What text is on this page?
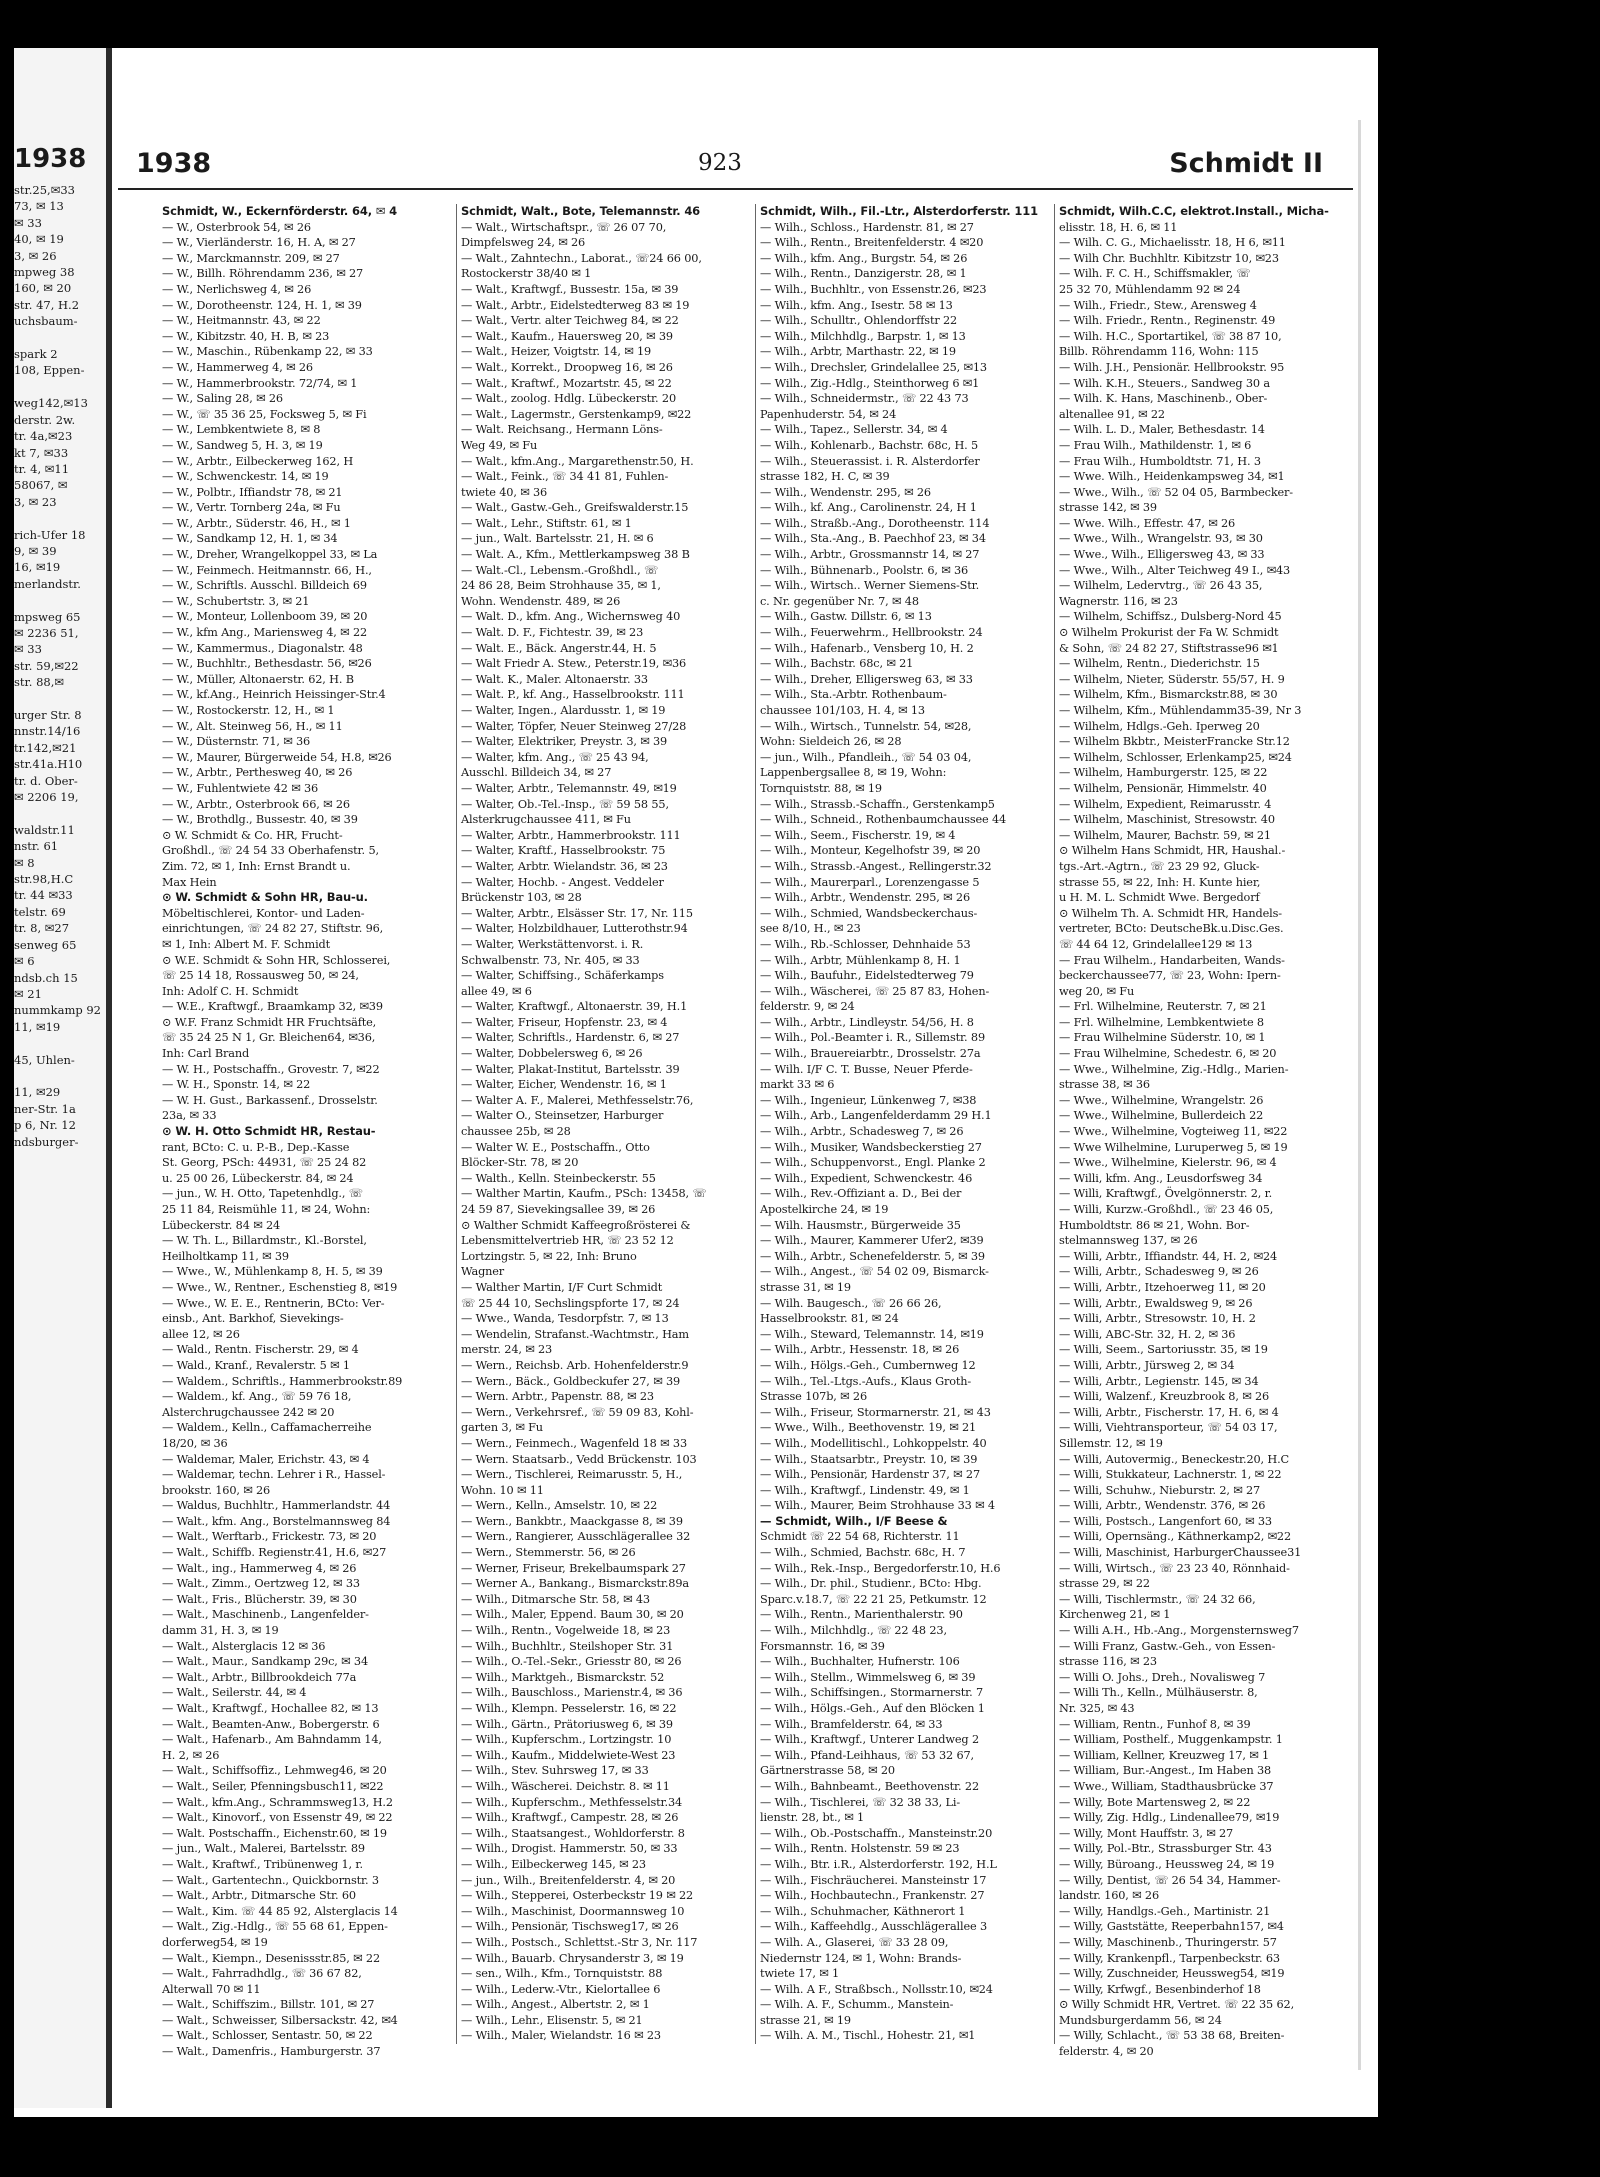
1938
str.25,✉33
73, ✉ 13
✉ 33
40, ✉ 19
3, ✉ 26
mpweg 38
160, ✉ 20
str. 47, H.2
uchsbaum-

spark 2
108, Eppen-

weg142,✉13
derstr. 2w.
tr. 4a,✉23
kt 7, ✉33
tr. 4, ✉11
58067, ✉
3, ✉ 23

rich-Ufer 18
9, ✉ 39
16, ✉19
merlandstr.

mpsweg 65
✉ 2236 51,
✉ 33
str. 59,✉22
str. 88,✉

urger Str. 8
nnstr.14/16
tr.142,✉21
str.41a.H10
tr. d. Ober-
✉ 2206 19,

waldstr.11
nstr. 61
✉ 8
str.98,H.C
tr. 44 ✉33
telstr. 69
tr. 8, ✉27
senweg 65
✉ 6
ndsb.ch 15
✉ 21
nummkamp 92
11, ✉19

45, Uhlen-

11, ✉29
ner-Str. 1a
p 6, Nr. 12
ndsburger-
1938	923	Schmidt II
Schmidt, W., Eckernförderstr. 64, ✉ 4
— W., Osterbrook 54, ✉ 26
— W., Vierländerstr. 16, H. A, ✉ 27
— W., Marckmannstr. 209, ✉ 27
— W., Billh. Röhrendamm 236, ✉ 27
— W., Nerlichsweg 4, ✉ 26
— W., Dorotheenstr. 124, H. 1, ✉ 39
— W., Heitmannstr. 43, ✉ 22
— W., Kibitzstr. 40, H. B, ✉ 23
— W., Maschin., Rübenkamp 22, ✉ 33
— W., Hammerweg 4, ✉ 26
— W., Hammerbrookstr. 72/74, ✉ 1
— W., Saling 28, ✉ 26
— W., ☏ 35 36 25, Focksweg 5, ✉ Fi
— W., Lembkentwiete 8, ✉ 8
— W., Sandweg 5, H. 3, ✉ 19
— W., Arbtr., Eilbeckerweg 162, H
— W., Schwenckestr. 14, ✉ 19
— W., Polbtr., Iffiandstr 78, ✉ 21
— W., Vertr. Tornberg 24a, ✉ Fu
— W., Arbtr., Süderstr. 46, H., ✉ 1
— W., Sandkamp 12, H. 1, ✉ 34
— W., Dreher, Wrangelkoppel 33, ✉ La
— W., Feinmech. Heitmannstr. 66, H.,
— W., Schriftls. Ausschl. Billdeich 69
— W., Schubertstr. 3, ✉ 21
— W., Monteur, Lollenboom 39, ✉ 20
— W., kfm Ang., Mariensweg 4, ✉ 22
— W., Kammermus., Diagonalstr. 48
— W., Buchhltr., Bethesdastr. 56, ✉26
— W., Müller, Altonaerstr. 62, H. B
— W., kf.Ang., Heinrich Heissinger-Str.4
— W., Rostockerstr. 12, H., ✉ 1
— W., Alt. Steinweg 56, H., ✉ 11
— W., Düsternstr. 71, ✉ 36
— W., Maurer, Bürgerweide 54, H.8, ✉26
— W., Arbtr., Perthesweg 40, ✉ 26
— W., Fuhlentwiete 42 ✉ 36
— W., Arbtr., Osterbrook 66, ✉ 26
— W., Brothdlg., Bussestr. 40, ✉ 39
⊙ W. Schmidt & Co. HR, Frucht-
Großhdl., ☏ 24 54 33 Oberhafenstr. 5,
Zim. 72, ✉ 1, Inh: Ernst Brandt u.
Max Hein
⊙ W. Schmidt & Sohn HR, Bau-u.
Möbeltischlerei, Kontor- und Laden-
einrichtungen, ☏ 24 82 27, Stiftstr. 96,
✉ 1, Inh: Albert M. F. Schmidt
⊙ W.E. Schmidt & Sohn HR, Schlosserei,
☏ 25 14 18, Rossausweg 50, ✉ 24,
Inh: Adolf C. H. Schmidt
— W.E., Kraftwgf., Braamkamp 32, ✉39
⊙ W.F. Franz Schmidt HR Fruchtsäfte,
☏ 35 24 25 N 1, Gr. Bleichen64, ✉36,
Inh: Carl Brand
— W. H., Postschaffn., Grovestr. 7, ✉22
— W. H., Sponstr. 14, ✉ 22
— W. H. Gust., Barkassenf., Drosselstr.
23a, ✉ 33
⊙ W. H. Otto Schmidt HR, Restau-
rant, BCto: C. u. P.-B., Dep.-Kasse
St. Georg, PSch: 44931, ☏ 25 24 82
u. 25 00 26, Lübeckerstr. 84, ✉ 24
— jun., W. H. Otto, Tapetenhdlg., ☏
25 11 84, Reismühle 11, ✉ 24, Wohn:
Lübeckerstr. 84 ✉ 24
— W. Th. L., Billardmstr., Kl.-Borstel,
Heilholtkamp 11, ✉ 39
— Wwe., W., Mühlenkamp 8, H. 5, ✉ 39
— Wwe., W., Rentner., Eschenstieg 8, ✉19
— Wwe., W. E. E., Rentnerin, BCto: Ver-
einsb., Ant. Barkhof, Sievekings-
allee 12, ✉ 26
— Wald., Rentn. Fischerstr. 29, ✉ 4
— Wald., Kranf., Revalerstr. 5 ✉ 1
— Waldem., Schriftls., Hammerbrookstr.89
— Waldem., kf. Ang., ☏ 59 76 18,
Alsterchrugchaussee 242 ✉ 20
— Waldem., Kelln., Caffamacherreihe
18/20, ✉ 36
— Waldemar, Maler, Erichstr. 43, ✉ 4
— Waldemar, techn. Lehrer i R., Hassel-
brookstr. 160, ✉ 26
— Waldus, Buchhltr., Hammerlandstr. 44
— Walt., kfm. Ang., Borstelmannsweg 84
— Walt., Werftarb., Frickestr. 73, ✉ 20
— Walt., Schiffb. Regienstr.41, H.6, ✉27
— Walt., ing., Hammerweg 4, ✉ 26
— Walt., Zimm., Oertzweg 12, ✉ 33
— Walt., Fris., Blücherstr. 39, ✉ 30
— Walt., Maschinenb., Langenfelder-
damm 31, H. 3, ✉ 19
— Walt., Alsterglacis 12 ✉ 36
— Walt., Maur., Sandkamp 29c, ✉ 34
— Walt., Arbtr., Billbrookdeich 77a
— Walt., Seilerstr. 44, ✉ 4
— Walt., Kraftwgf., Hochallee 82, ✉ 13
— Walt., Beamten-Anw., Bobergerstr. 6
— Walt., Hafenarb., Am Bahndamm 14,
H. 2, ✉ 26
— Walt., Schiffsoffiz., Lehmweg46, ✉ 20
— Walt., Seiler, Pfenningsbusch11, ✉22
— Walt., kfm.Ang., Schrammsweg13, H.2
— Walt., Kinovorf., von Essenstr 49, ✉ 22
— Walt. Postschaffn., Eichenstr.60, ✉ 19
— jun., Walt., Malerei, Bartelsstr. 89
— Walt., Kraftwf., Tribünenweg 1, r.
— Walt., Gartentechn., Quickbornstr. 3
— Walt., Arbtr., Ditmarsche Str. 60
— Walt., Kim. ☏ 44 85 92, Alsterglacis 14
— Walt., Zig.-Hdlg., ☏ 55 68 61, Eppen-
dorferweg54, ✉ 19
— Walt., Kiempn., Desenissstr.85, ✉ 22
— Walt., Fahrradhdlg., ☏ 36 67 82,
Alterwall 70 ✉ 11
— Walt., Schiffszim., Billstr. 101, ✉ 27
— Walt., Schweisser, Silbersackstr. 42, ✉4
— Walt., Schlosser, Sentastr. 50, ✉ 22
— Walt., Damenfris., Hamburgerstr. 37
Schmidt, Walt., Bote, Telemannstr. 46
— Walt., Wirtschaftspr., ☏ 26 07 70,
Dimpfelsweg 24, ✉ 26
— Walt., Zahntechn., Laborat., ☏24 66 00,
Rostockerstr 38/40 ✉ 1
— Walt., Kraftwgf., Bussestr. 15a, ✉ 39
— Walt., Arbtr., Eidelstedterweg 83 ✉ 19
— Walt., Vertr. alter Teichweg 84, ✉ 22
— Walt., Kaufm., Hauersweg 20, ✉ 39
— Walt., Heizer, Voigtstr. 14, ✉ 19
— Walt., Korrekt., Droopweg 16, ✉ 26
— Walt., Kraftwf., Mozartstr. 45, ✉ 22
— Walt., zoolog. Hdlg. Lübeckerstr. 20
— Walt., Lagermstr., Gerstenkamp9, ✉22
— Walt. Reichsang., Hermann Löns-
Weg 49, ✉ Fu
— Walt., kfm.Ang., Margarethenstr.50, H.
— Walt., Feink., ☏ 34 41 81, Fuhlen-
twiete 40, ✉ 36
— Walt., Gastw.-Geh., Greifswalderstr.15
— Walt., Lehr., Stiftstr. 61, ✉ 1
— jun., Walt. Bartelsstr. 21, H. ✉ 6
— Walt. A., Kfm., Mettlerkampsweg 38 B
— Walt.-Cl., Lebensm.-Großhdl., ☏
24 86 28, Beim Strohhause 35, ✉ 1,
Wohn. Wendenstr. 489, ✉ 26
— Walt. D., kfm. Ang., Wichernsweg 40
— Walt. D. F., Fichtestr. 39, ✉ 23
— Walt. E., Bäck. Angerstr.44, H. 5
— Walt Friedr A. Stew., Peterstr.19, ✉36
— Walt. K., Maler. Altonaerstr. 33
— Walt. P., kf. Ang., Hasselbrookstr. 111
— Walter, Ingen., Alardusstr. 1, ✉ 19
— Walter, Töpfer, Neuer Steinweg 27/28
— Walter, Elektriker, Preystr. 3, ✉ 39
— Walter, kfm. Ang., ☏ 25 43 94,
Ausschl. Billdeich 34, ✉ 27
— Walter, Arbtr., Telemannstr. 49, ✉19
— Walter, Ob.-Tel.-Insp., ☏ 59 58 55,
Alsterkrugchaussee 411, ✉ Fu
— Walter, Arbtr., Hammerbrookstr. 111
— Walter, Kraftf., Hasselbrookstr. 75
— Walter, Arbtr. Wielandstr. 36, ✉ 23
— Walter, Hochb. - Angest. Veddeler
Brückenstr 103, ✉ 28
— Walter, Arbtr., Elsässer Str. 17, Nr. 115
— Walter, Holzbildhauer, Lutterothstr.94
— Walter, Werkstättenvorst. i. R.
Schwalbenstr. 73, Nr. 405, ✉ 33
— Walter, Schiffsing., Schäferkamps
allee 49, ✉ 6
— Walter, Kraftwgf., Altonaerstr. 39, H.1
— Walter, Friseur, Hopfenstr. 23, ✉ 4
— Walter, Schriftls., Hardenstr. 6, ✉ 27
— Walter, Dobbelersweg 6, ✉ 26
— Walter, Plakat-Institut, Bartelsstr. 39
— Walter, Eicher, Wendenstr. 16, ✉ 1
— Walter A. F., Malerei, Methfesselstr.76,
— Walter O., Steinsetzer, Harburger
chaussee 25b, ✉ 28
— Walter W. E., Postschaffn., Otto
Blöcker-Str. 78, ✉ 20
— Walth., Kelln. Steinbeckerstr. 55
— Walther Martin, Kaufm., PSch: 13458, ☏
24 59 87, Sievekingsallee 39, ✉ 26
⊙ Walther Schmidt Kaffeegroßrösterei &
Lebensmittelvertrieb HR, ☏ 23 52 12
Lortzingstr. 5, ✉ 22, Inh: Bruno
Wagner
— Walther Martin, I/F Curt Schmidt
☏ 25 44 10, Sechslingspforte 17, ✉ 24
— Wwe., Wanda, Tesdorpfstr. 7, ✉ 13
— Wendelin, Strafanst.-Wachtmstr., Ham
merstr. 24, ✉ 23
— Wern., Reichsb. Arb. Hohenfelderstr.9
— Wern., Bäck., Goldbeckufer 27, ✉ 39
— Wern. Arbtr., Papenstr. 88, ✉ 23
— Wern., Verkehrsref., ☏ 59 09 83, Kohl-
garten 3, ✉ Fu
— Wern., Feinmech., Wagenfeld 18 ✉ 33
— Wern. Staatsarb., Vedd Brückenstr. 103
— Wern., Tischlerei, Reimarusstr. 5, H.,
Wohn. 10 ✉ 11
— Wern., Kelln., Amselstr. 10, ✉ 22
— Wern., Bankbtr., Maackgasse 8, ✉ 39
— Wern., Rangierer, Ausschlägerallee 32
— Wern., Stemmerstr. 56, ✉ 26
— Werner, Friseur, Brekelbaumspark 27
— Werner A., Bankang., Bismarckstr.89a
— Wilh., Ditmarsche Str. 58, ✉ 43
— Wilh., Maler, Eppend. Baum 30, ✉ 20
— Wilh., Rentn., Vogelweide 18, ✉ 23
— Wilh., Buchhltr., Steilshoper Str. 31
— Wilh., O.-Tel.-Sekr., Griesstr 80, ✉ 26
— Wilh., Marktgeh., Bismarckstr. 52
— Wilh., Bauschloss., Marienstr.4, ✉ 36
— Wilh., Klempn. Pesselerstr. 16, ✉ 22
— Wilh., Gärtn., Prätoriusweg 6, ✉ 39
— Wilh., Kupferschm., Lortzingstr. 10
— Wilh., Kaufm., Middelwiete-West 23
— Wilh., Stev. Suhrsweg 17, ✉ 33
— Wilh., Wäscherei. Deichstr. 8. ✉ 11
— Wilh., Kupferschm., Methfesselstr.34
— Wilh., Kraftwgf., Campestr. 28, ✉ 26
— Wilh., Staatsangest., Wohldorferstr. 8
— Wilh., Drogist. Hammerstr. 50, ✉ 33
— Wilh., Eilbeckerweg 145, ✉ 23
— jun., Wilh., Breitenfelderstr. 4, ✉ 20
— Wilh., Stepperei, Osterbeckstr 19 ✉ 22
— Wilh., Maschinist, Doormannsweg 10
— Wilh., Pensionär, Tischsweg17, ✉ 26
— Wilh., Postsch., Schlettst.-Str 3, Nr. 117
— Wilh., Bauarb. Chrysanderstr 3, ✉ 19
— sen., Wilh., Kfm., Tornquiststr. 88
— Wilh., Lederw.-Vtr., Kielortallee 6
— Wilh., Angest., Albertstr. 2, ✉ 1
— Wilh., Lehr., Elisenstr. 5, ✉ 21
— Wilh., Maler, Wielandstr. 16 ✉ 23
Schmidt, Wilh., Fil.-Ltr., Alsterdorferstr. 111
— Wilh., Schloss., Hardenstr. 81, ✉ 27
— Wilh., Rentn., Breitenfelderstr. 4 ✉20
— Wilh., kfm. Ang., Burgstr. 54, ✉ 26
— Wilh., Rentn., Danzigerstr. 28, ✉ 1
— Wilh., Buchhltr., von Essenstr.26, ✉23
— Wilh., kfm. Ang., Isestr. 58 ✉ 13
— Wilh., Schulltr., Ohlendorffstr 22
— Wilh., Milchhdlg., Barpstr. 1, ✉ 13
— Wilh., Arbtr, Marthastr. 22, ✉ 19
— Wilh., Drechsler, Grindelallee 25, ✉13
— Wilh., Zig.-Hdlg., Steinthorweg 6 ✉1
— Wilh., Schneidermstr., ☏ 22 43 73
Papenhuderstr. 54, ✉ 24
— Wilh., Tapez., Sellerstr. 34, ✉ 4
— Wilh., Kohlenarb., Bachstr. 68c, H. 5
— Wilh., Steuerassist. i. R. Alsterdorfer
strasse 182, H. C, ✉ 39
— Wilh., Wendenstr. 295, ✉ 26
— Wilh., kf. Ang., Carolinenstr. 24, H 1
— Wilh., Straßb.-Ang., Dorotheenstr. 114
— Wilh., Sta.-Ang., B. Paechhof 23, ✉ 34
— Wilh., Arbtr., Grossmannstr 14, ✉ 27
— Wilh., Bühnenarb., Poolstr. 6, ✉ 36
— Wilh., Wirtsch.. Werner Siemens-Str.
c. Nr. gegenüber Nr. 7, ✉ 48
— Wilh., Gastw. Dillstr. 6, ✉ 13
— Wilh., Feuerwehrm., Hellbrookstr. 24
— Wilh., Hafenarb., Vensberg 10, H. 2
— Wilh., Bachstr. 68c, ✉ 21
— Wilh., Dreher, Elligersweg 63, ✉ 33
— Wilh., Sta.-Arbtr. Rothenbaum-
chaussee 101/103, H. 4, ✉ 13
— Wilh., Wirtsch., Tunnelstr. 54, ✉28,
Wohn: Sieldeich 26, ✉ 28
— jun., Wilh., Pfandleih., ☏ 54 03 04,
Lappenbergsallee 8, ✉ 19, Wohn:
Tornquiststr. 88, ✉ 19
— Wilh., Strassb.-Schaffn., Gerstenkamp5
— Wilh., Schneid., Rothenbaumchaussee 44
— Wilh., Seem., Fischerstr. 19, ✉ 4
— Wilh., Monteur, Kegelhofstr 39, ✉ 20
— Wilh., Strassb.-Angest., Rellingerstr.32
— Wilh., Maurerparl., Lorenzengasse 5
— Wilh., Arbtr., Wendenstr. 295, ✉ 26
— Wilh., Schmied, Wandsbeckerchaus-
see 8/10, H., ✉ 23
— Wilh., Rb.-Schlosser, Dehnhaide 53
— Wilh., Arbtr, Mühlenkamp 8, H. 1
— Wilh., Baufuhr., Eidelstedterweg 79
— Wilh., Wäscherei, ☏ 25 87 83, Hohen-
felderstr. 9, ✉ 24
— Wilh., Arbtr., Lindleystr. 54/56, H. 8
— Wilh., Pol.-Beamter i. R., Sillemstr. 89
— Wilh., Brauereiarbtr., Drosselstr. 27a
— Wilh. I/F C. T. Busse, Neuer Pferde-
markt 33 ✉ 6
— Wilh., Ingenieur, Lünkenweg 7, ✉38
— Wilh., Arb., Langenfelderdamm 29 H.1
— Wilh., Arbtr., Schadesweg 7, ✉ 26
— Wilh., Musiker, Wandsbeckerstieg 27
— Wilh., Schuppenvorst., Engl. Planke 2
— Wilh., Expedient, Schwenckestr. 46
— Wilh., Rev.-Offiziant a. D., Bei der
Apostelkirche 24, ✉ 19
— Wilh. Hausmstr., Bürgerweide 35
— Wilh., Maurer, Kammerer Ufer2, ✉39
— Wilh., Arbtr., Schenefelderstr. 5, ✉ 39
— Wilh., Angest., ☏ 54 02 09, Bismarck-
strasse 31, ✉ 19
— Wilh. Baugesch., ☏ 26 66 26,
Hasselbrookstr. 81, ✉ 24
— Wilh., Steward, Telemannstr. 14, ✉19
— Wilh., Arbtr., Hessenstr. 18, ✉ 26
— Wilh., Hölgs.-Geh., Cumbernweg 12
— Wilh., Tel.-Ltgs.-Aufs., Klaus Groth-
Strasse 107b, ✉ 26
— Wilh., Friseur, Stormarnerstr. 21, ✉ 43
— Wwe., Wilh., Beethovenstr. 19, ✉ 21
— Wilh., Modellitischl., Lohkoppelstr. 40
— Wilh., Staatsarbtr., Preystr. 10, ✉ 39
— Wilh., Pensionär, Hardenstr 37, ✉ 27
— Wilh., Kraftwgf., Lindenstr. 49, ✉ 1
— Wilh., Maurer, Beim Strohhause 33 ✉ 4
— Schmidt, Wilh., I/F Beese &
Schmidt ☏ 22 54 68, Richterstr. 11
— Wilh., Schmied, Bachstr. 68c, H. 7
— Wilh., Rek.-Insp., Bergedorferstr.10, H.6
— Wilh., Dr. phil., Studienr., BCto: Hbg.
Sparc.v.18.7, ☏ 22 21 25, Petkumstr. 12
— Wilh., Rentn., Marienthalerstr. 90
— Wilh., Milchhdlg., ☏ 22 48 23,
Forsmannstr. 16, ✉ 39
— Wilh., Buchhalter, Hufnerstr. 106
— Wilh., Stellm., Wimmelsweg 6, ✉ 39
— Wilh., Schiffsingen., Stormarnerstr. 7
— Wilh., Hölgs.-Geh., Auf den Blöcken 1
— Wilh., Bramfelderstr. 64, ✉ 33
— Wilh., Kraftwgf., Unterer Landweg 2
— Wilh., Pfand-Leihhaus, ☏ 53 32 67,
Gärtnerstrasse 58, ✉ 20
— Wilh., Bahnbeamt., Beethovenstr. 22
— Wilh., Tischlerei, ☏ 32 38 33, Li-
lienstr. 28, bt., ✉ 1
— Wilh., Ob.-Postschaffn., Mansteinstr.20
— Wilh., Rentn. Holstenstr. 59 ✉ 23
— Wilh., Btr. i.R., Alsterdorferstr. 192, H.L
— Wilh., Fischräucherei. Mansteinstr 17
— Wilh., Hochbautechn., Frankenstr. 27
— Wilh., Schuhmacher, Käthnerort 1
— Wilh., Kaffeehdlg., Ausschlägerallee 3
— Wilh. A., Glaserei, ☏ 33 28 09,
Niedernstr 124, ✉ 1, Wohn: Brands-
twiete 17, ✉ 1
— Wilh. A F., Straßbsch., Nollsstr.10, ✉24
— Wilh. A. F., Schumm., Manstein-
strasse 21, ✉ 19
— Wilh. A. M., Tischl., Hohestr. 21, ✉1
Schmidt, Wilh.C.C, elektrot.Install., Micha-
elisstr. 18, H. 6, ✉ 11
— Wilh. C. G., Michaelisstr. 18, H 6, ✉11
— Wilh Chr. Buchhltr. Kibitzstr 10, ✉23
— Wilh. F. C. H., Schiffsmakler, ☏
25 32 70, Mühlendamm 92 ✉ 24
— Wilh., Friedr., Stew., Arensweg 4
— Wilh. Friedr., Rentn., Reginenstr. 49
— Wilh. H.C., Sportartikel, ☏ 38 87 10,
Billb. Röhrendamm 116, Wohn: 115
— Wilh. J.H., Pensionär. Hellbrookstr. 95
— Wilh. K.H., Steuers., Sandweg 30 a
— Wilh. K. Hans, Maschinenb., Ober-
altenallee 91, ✉ 22
— Wilh. L. D., Maler, Bethesdastr. 14
— Frau Wilh., Mathildenstr. 1, ✉ 6
— Frau Wilh., Humboldtstr. 71, H. 3
— Wwe. Wilh., Heidenkampsweg 34, ✉1
— Wwe., Wilh., ☏ 52 04 05, Barmbecker-
strasse 142, ✉ 39
— Wwe. Wilh., Effestr. 47, ✉ 26
— Wwe., Wilh., Wrangelstr. 93, ✉ 30
— Wwe., Wilh., Elligersweg 43, ✉ 33
— Wwe., Wilh., Alter Teichweg 49 I., ✉43
— Wilhelm, Ledervtrg., ☏ 26 43 35,
Wagnerstr. 116, ✉ 23
— Wilhelm, Schiffsz., Dulsberg-Nord 45
⊙ Wilhelm Prokurist der Fa W. Schmidt
& Sohn, ☏ 24 82 27, Stiftstrasse96 ✉1
— Wilhelm, Rentn., Diederichstr. 15
— Wilhelm, Nieter, Süderstr. 55/57, H. 9
— Wilhelm, Kfm., Bismarckstr.88, ✉ 30
— Wilhelm, Kfm., Mühlendamm35-39, Nr 3
— Wilhelm, Hdlgs.-Geh. Iperweg 20
— Wilhelm Bkbtr., MeisterFrancke Str.12
— Wilhelm, Schlosser, Erlenkamp25, ✉24
— Wilhelm, Hamburgerstr. 125, ✉ 22
— Wilhelm, Pensionär, Himmelstr. 40
— Wilhelm, Expedient, Reimarusstr. 4
— Wilhelm, Maschinist, Stresowstr. 40
— Wilhelm, Maurer, Bachstr. 59, ✉ 21
⊙ Wilhelm Hans Schmidt, HR, Haushal.-
tgs.-Art.-Agtrn., ☏ 23 29 92, Gluck-
strasse 55, ✉ 22, Inh: H. Kunte hier,
u H. M. L. Schmidt Wwe. Bergedorf
⊙ Wilhelm Th. A. Schmidt HR, Handels-
vertreter, BCto: DeutscheBk.u.Disc.Ges.
☏ 44 64 12, Grindelallee129 ✉ 13
— Frau Wilhelm., Handarbeiten, Wands-
beckerchaussee77, ☏ 23, Wohn: Ipern-
weg 20, ✉ Fu
— Frl. Wilhelmine, Reuterstr. 7, ✉ 21
— Frl. Wilhelmine, Lembkentwiete 8
— Frau Wilhelmine Süderstr. 10, ✉ 1
— Frau Wilhelmine, Schedestr. 6, ✉ 20
— Wwe., Wilhelmine, Zig.-Hdlg., Marien-
strasse 38, ✉ 36
— Wwe., Wilhelmine, Wrangelstr. 26
— Wwe., Wilhelmine, Bullerdeich 22
— Wwe., Wilhelmine, Vogteiweg 11, ✉22
— Wwe Wilhelmine, Luruperweg 5, ✉ 19
— Wwe., Wilhelmine, Kielerstr. 96, ✉ 4
— Willi, kfm. Ang., Leusdorfsweg 34
— Willi, Kraftwgf., Övelgönnerstr. 2, r.
— Willi, Kurzw.-Großhdl., ☏ 23 46 05,
Humboldtstr. 86 ✉ 21, Wohn. Bor-
stelmannsweg 137, ✉ 26
— Willi, Arbtr., Iffiandstr. 44, H. 2, ✉24
— Willi, Arbtr., Schadesweg 9, ✉ 26
— Willi, Arbtr., Itzehoerweg 11, ✉ 20
— Willi, Arbtr., Ewaldsweg 9, ✉ 26
— Willi, Arbtr., Stresowstr. 10, H. 2
— Willi, ABC-Str. 32, H. 2, ✉ 36
— Willi, Seem., Sartoriusstr. 35, ✉ 19
— Willi, Arbtr., Jürsweg 2, ✉ 34
— Willi, Arbtr., Legienstr. 145, ✉ 34
— Willi, Walzenf., Kreuzbrook 8, ✉ 26
— Willi, Arbtr., Fischerstr. 17, H. 6, ✉ 4
— Willi, Viehtransporteur, ☏ 54 03 17,
Sillemstr. 12, ✉ 19
— Willi, Autovermig., Beneckestr.20, H.C
— Willi, Stukkateur, Lachnerstr. 1, ✉ 22
— Willi, Schuhw., Nieburstr. 2, ✉ 27
— Willi, Arbtr., Wendenstr. 376, ✉ 26
— Willi, Postsch., Langenfort 60, ✉ 33
— Willi, Opernsäng., Käthnerkamp2, ✉22
— Willi, Maschinist, HarburgerChaussee31
— Willi, Wirtsch., ☏ 23 23 40, Rönnhaid-
strasse 29, ✉ 22
— Willi, Tischlermstr., ☏ 24 32 66,
Kirchenweg 21, ✉ 1
— Willi A.H., Hb.-Ang., Morgensternsweg7
— Willi Franz, Gastw.-Geh., von Essen-
strasse 116, ✉ 23
— Willi O. Johs., Dreh., Novalisweg 7
— Willi Th., Kelln., Mülhäuserstr. 8,
Nr. 325, ✉ 43
— William, Rentn., Funhof 8, ✉ 39
— William, Posthelf., Muggenkampstr. 1
— William, Kellner, Kreuzweg 17, ✉ 1
— William, Bur.-Angest., Im Haben 38
— Wwe., William, Stadthausbrücke 37
— Willy, Bote Martensweg 2, ✉ 22
— Willy, Zig. Hdlg., Lindenallee79, ✉19
— Willy, Mont Hauffstr. 3, ✉ 27
— Willy, Pol.-Btr., Strassburger Str. 43
— Willy, Büroang., Heussweg 24, ✉ 19
— Willy, Dentist, ☏ 26 54 34, Hammer-
landstr. 160, ✉ 26
— Willy, Handlgs.-Geh., Martinistr. 21
— Willy, Gaststätte, Reeperbahn157, ✉4
— Willy, Maschinenb., Thuringerstr. 57
— Willy, Krankenpfl., Tarpenbeckstr. 63
— Willy, Zuschneider, Heussweg54, ✉19
— Willy, Krfwgf., Besenbinderhof 18
⊙ Willy Schmidt HR, Vertret. ☏ 22 35 62,
Mundsburgerdamm 56, ✉ 24
— Willy, Schlacht., ☏ 53 38 68, Breiten-
felderstr. 4, ✉ 20
